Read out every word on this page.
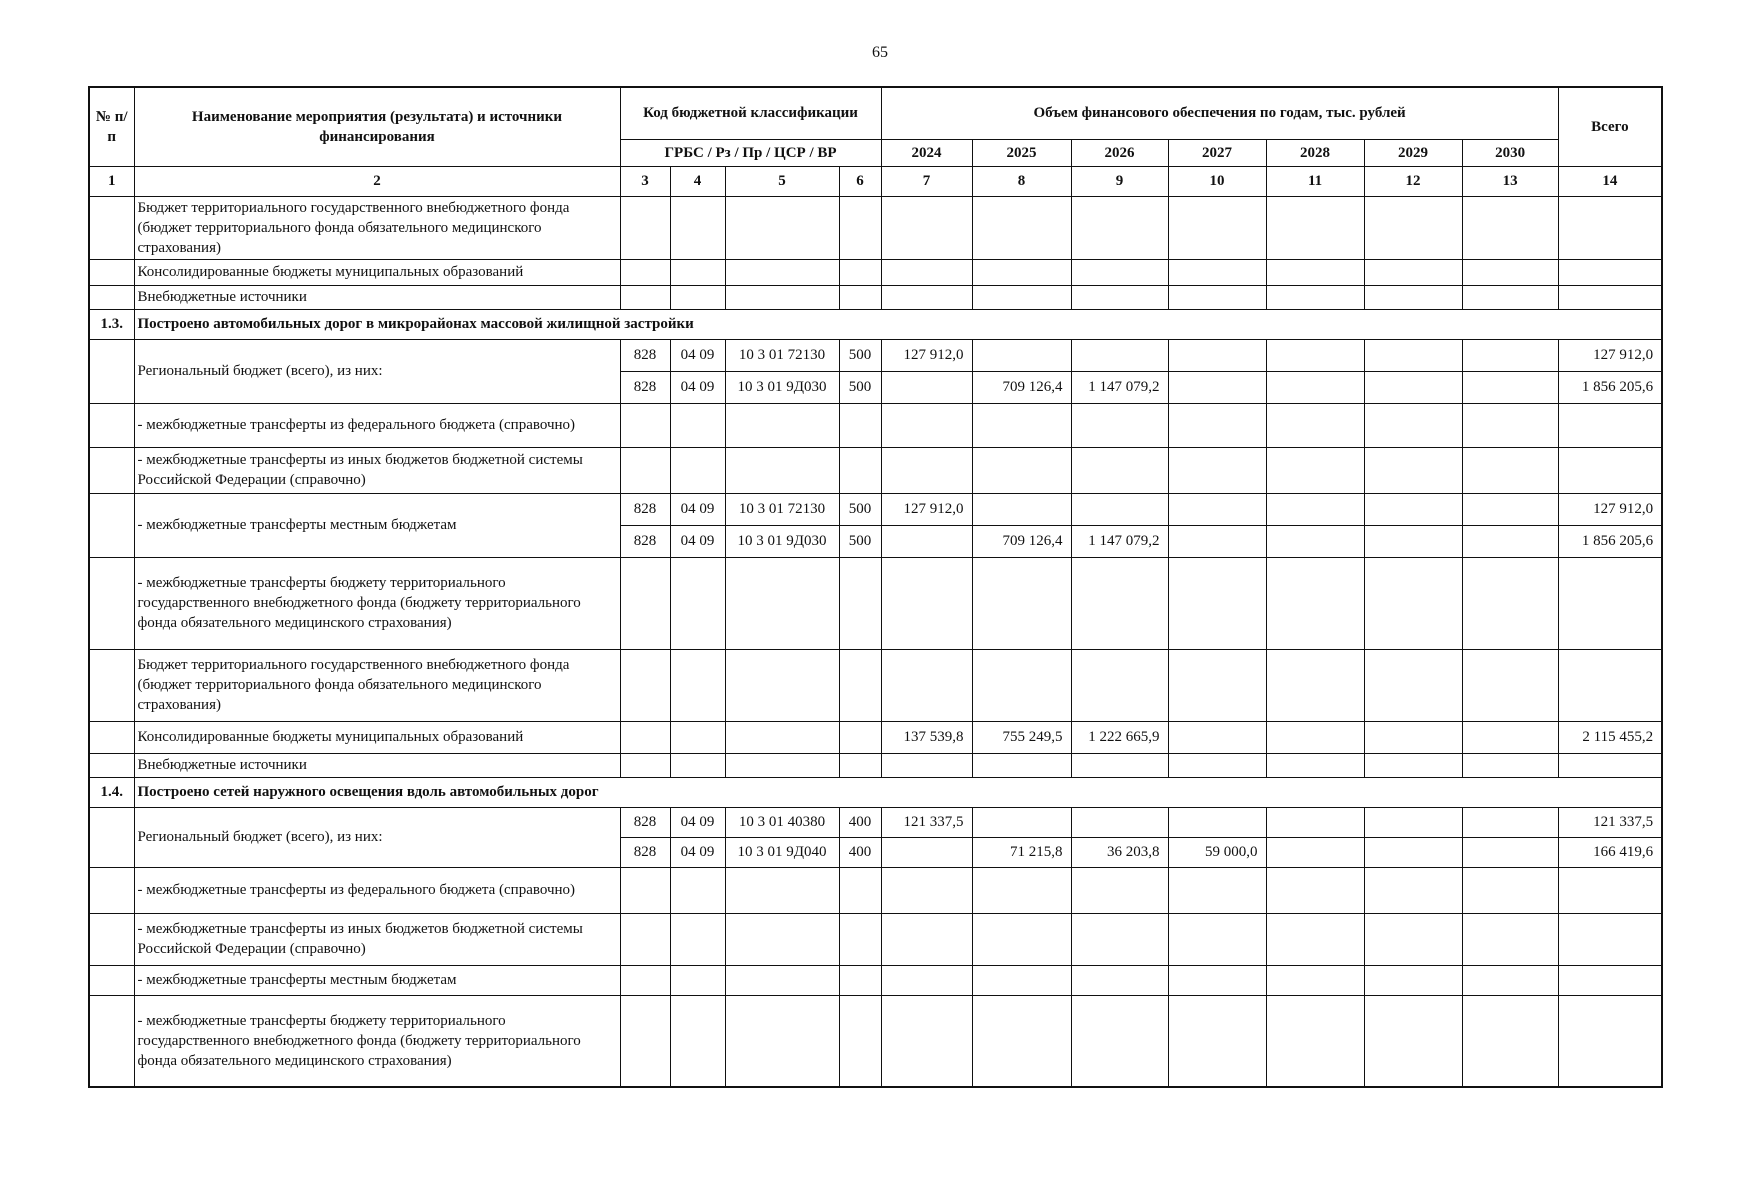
65
№ п/п	Наименование мероприятия (результата) и источники финансирования	Код бюджетной классификации				Объем финансового обеспечения по годам, тыс. рублей							Всего
		ГРБС / Рз / Пр / ЦСР / ВР				2024	2025	2026	2027	2028	2029	2030	
1	2	3	4	5	6	7	8	9	10	11	12	13	14
	Бюджет территориального государственного внебюджетного фонда (бюджет территориального фонда обязательного медицинского страхования)												
	Консолидированные бюджеты муниципальных образований												
	Внебюджетные источники												
1.3.	Построено автомобильных дорог в микрорайонах массовой жилищной застройки												
	Региональный бюджет (всего), из них:	828	04 09	10 3 01 72130	500	127 912,0							127 912,0
		828	04 09	10 3 01 9Д030	500		709 126,4	1 147 079,2					1 856 205,6
	- межбюджетные трансферты из федерального бюджета (справочно)												
	- межбюджетные трансферты из иных бюджетов бюджетной системы Российской Федерации (справочно)												
	- межбюджетные трансферты местным бюджетам	828	04 09	10 3 01 72130	500	127 912,0							127 912,0
		828	04 09	10 3 01 9Д030	500		709 126,4	1 147 079,2					1 856 205,6
	- межбюджетные трансферты бюджету территориального государственного внебюджетного фонда (бюджету территориального фонда обязательного медицинского страхования)												
	Бюджет территориального государственного внебюджетного фонда (бюджет территориального фонда обязательного медицинского страхования)												
	Консолидированные бюджеты муниципальных образований					137 539,8	755 249,5	1 222 665,9					2 115 455,2
	Внебюджетные источники												
1.4.	Построено сетей наружного освещения вдоль автомобильных дорог												
	Региональный бюджет (всего), из них:	828	04 09	10 3 01 40380	400	121 337,5							121 337,5
		828	04 09	10 3 01 9Д040	400		71 215,8	36 203,8	59 000,0				166 419,6
	- межбюджетные трансферты из федерального бюджета (справочно)												
	- межбюджетные трансферты из иных бюджетов бюджетной системы Российской Федерации (справочно)												
	- межбюджетные трансферты местным бюджетам												
	- межбюджетные трансферты бюджету территориального государственного внебюджетного фонда (бюджету территориального фонда обязательного медицинского страхования)												
